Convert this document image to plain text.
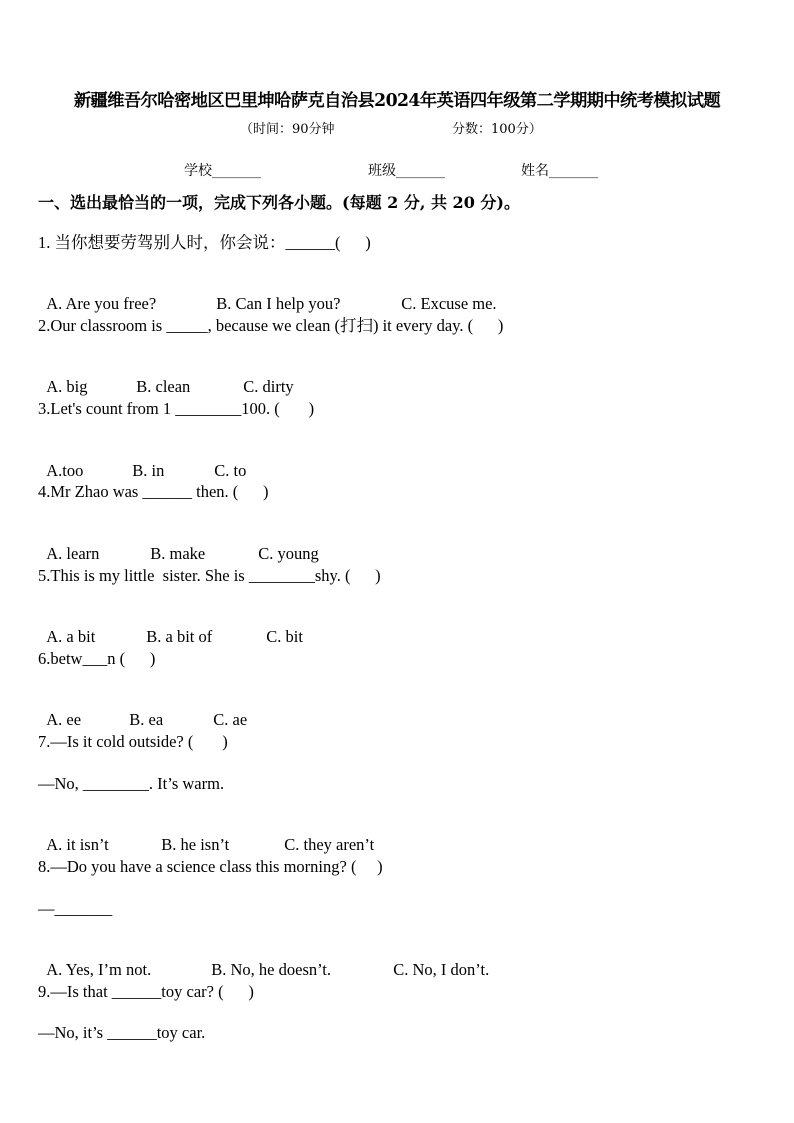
新疆维吾尔哈密地区巴里坤哈萨克自治县2024年英语四年级第二学期期中统考模拟试题
（时间：90分钟	分数：100分）
学校_______	班级_______	姓名_______
一、选出最恰当的一项，完成下列各小题。(每题 2 分, 共 20 分)。
1. 当你想要劳驾别人时，你会说：______(      )

A. Are you free?	B. Can I help you?	C. Excuse me.

2.Our classroom is _____, because we clean (打扫) it every day. (      )

A. big	B. clean	C. dirty

3.Let's count from 1 ________100. (       )

A.too	B. in	C. to

4.Mr Zhao was ______ then. (      )

A. learn	B. make	C. young

5.This is my little  sister. She is ________shy. (      )

A. a bit	B. a bit of	C. bit

6.betw___n (      )

A. ee	B. ea	C. ae

7.—Is it cold outside? (       )
—No, ________. It’s warm.

A. it isn’t	B. he isn’t	C. they aren’t

8.—Do you have a science class this morning? (     )
—_______

A. Yes, I’m not.	B. No, he doesn’t.	C. No, I don’t.

9.—Is that ______toy car? (      )
—No, it’s ______toy car.
